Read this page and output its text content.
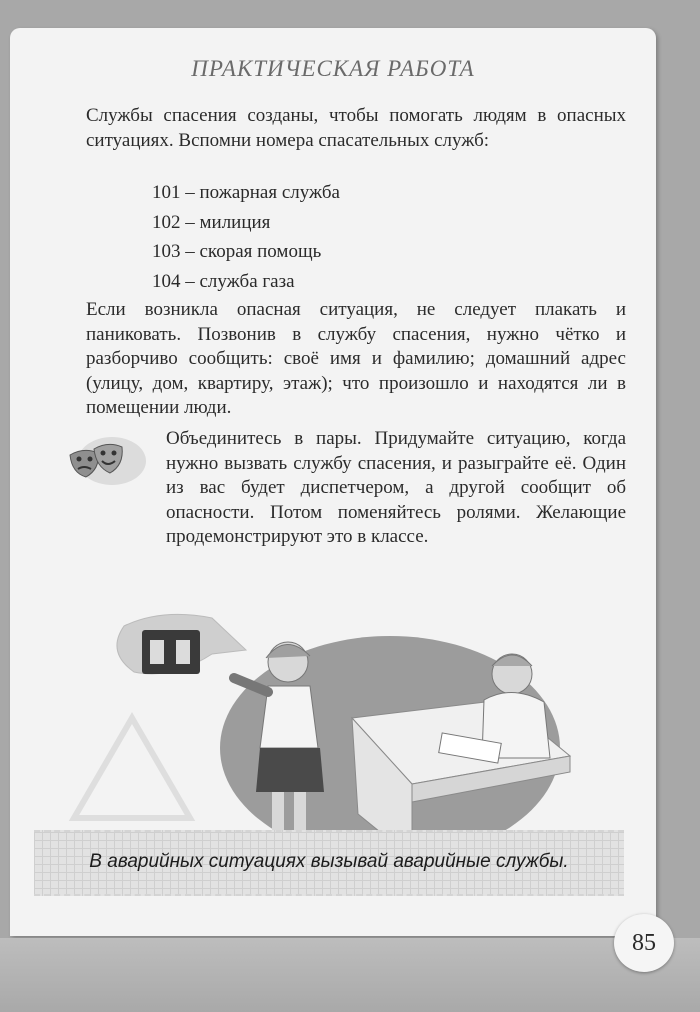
ПРАКТИЧЕСКАЯ РАБОТА
Службы спасения созданы, чтобы помогать людям в опасных ситуациях. Вспомни номера спасательных служб:
101 – пожарная служба
102 – милиция
103 – скорая помощь
104 – служба газа
Если возникла опасная ситуация, не следует плакать и паниковать. Позвонив в службу спасения, нужно чётко и разборчиво сообщить: своё имя и фамилию; домашний адрес (улицу, дом, квартиру, этаж); что произошло и находятся ли в помещении люди.
Объединитесь в пары. Придумайте ситуацию, когда нужно вызвать службу спасения, и разыграйте её. Один из вас будет диспетчером, а другой сообщит об опасности. Потом поменяйтесь ролями. Желающие продемонстрируют это в классе.
В аварийных ситуациях вызывай аварийные службы.
85
